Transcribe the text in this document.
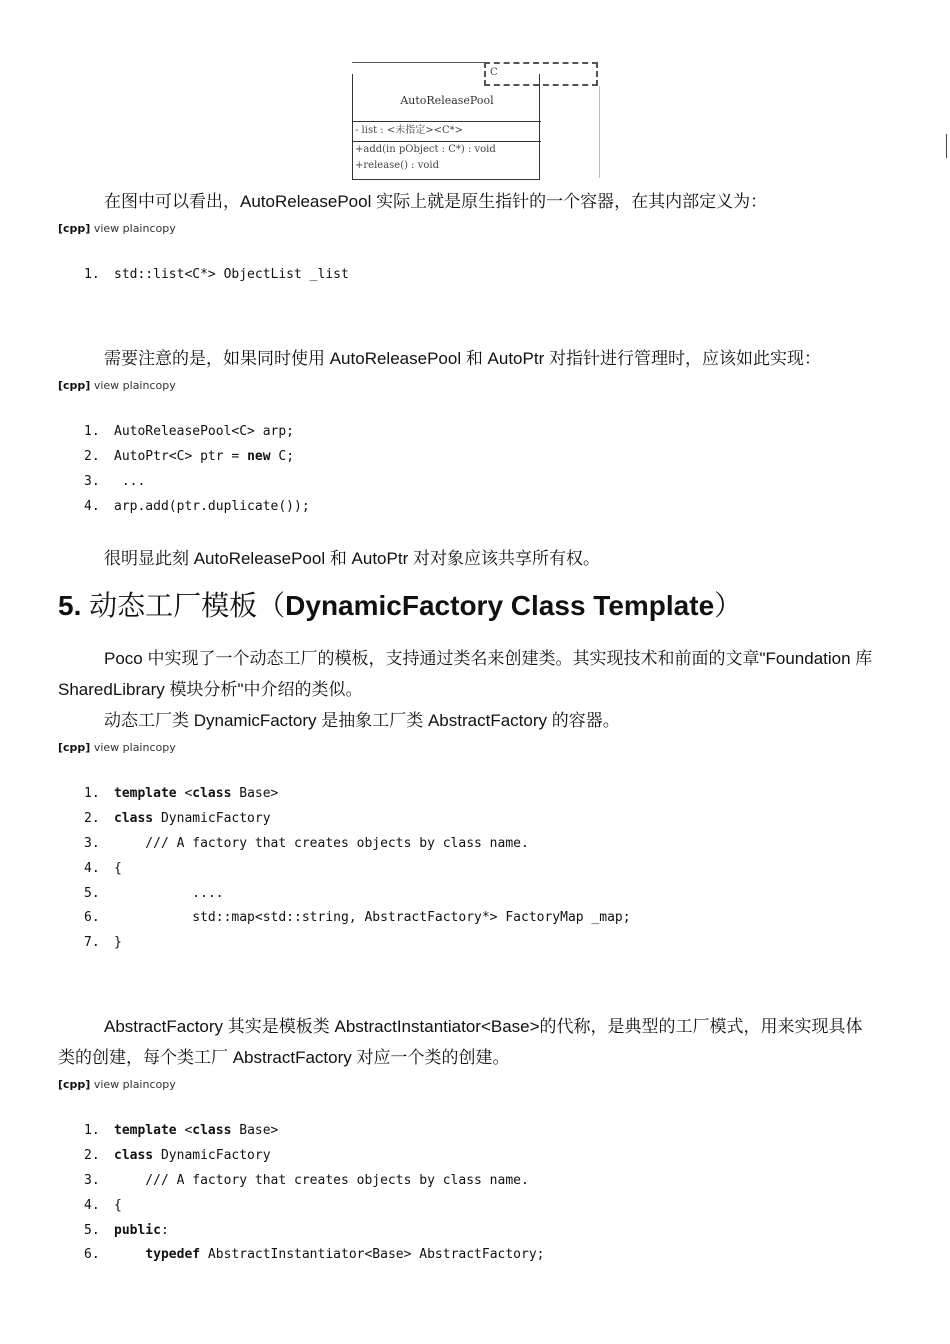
AutoReleasePool
- list : <未指定><C*>
+add(in pObject : C*) : void
+release() : void
C
在图中可以看出，AutoReleasePool 实际上就是原生指针的一个容器，在其内部定义为：
[cpp] view plaincopy
1. std::list<C*> ObjectList _list
需要注意的是，如果同时使用 AutoReleasePool 和 AutoPtr 对指针进行管理时，应该如此实现：
[cpp] view plaincopy
1. AutoReleasePool<C> arp;
2. AutoPtr<C> ptr = new C;
3. ...
4. arp.add(ptr.duplicate());
很明显此刻 AutoReleasePool 和 AutoPtr 对对象应该共享所有权。
5. 动态工厂模板（DynamicFactory Class Template）
Poco 中实现了一个动态工厂的模板，支持通过类名来创建类。其实现技术和前面的文章"Foundation 库
SharedLibrary 模块分析"中介绍的类似。
动态工厂类 DynamicFactory 是抽象工厂类 AbstractFactory 的容器。
[cpp] view plaincopy
1. template <class Base>
2. class DynamicFactory
3.    /// A factory that creates objects by class name.
4. {
5.          ....
6.          std::map<std::string, AbstractFactory*> FactoryMap _map;
7. }
AbstractFactory 其实是模板类 AbstractInstantiator<Base>的代称，是典型的工厂模式，用来实现具体
类的创建，每个类工厂 AbstractFactory 对应一个类的创建。
[cpp] view plaincopy
1. template <class Base>
2. class DynamicFactory
3.    /// A factory that creates objects by class name.
4. {
5. public:
6.	typedef AbstractInstantiator<Base> AbstractFactory;
